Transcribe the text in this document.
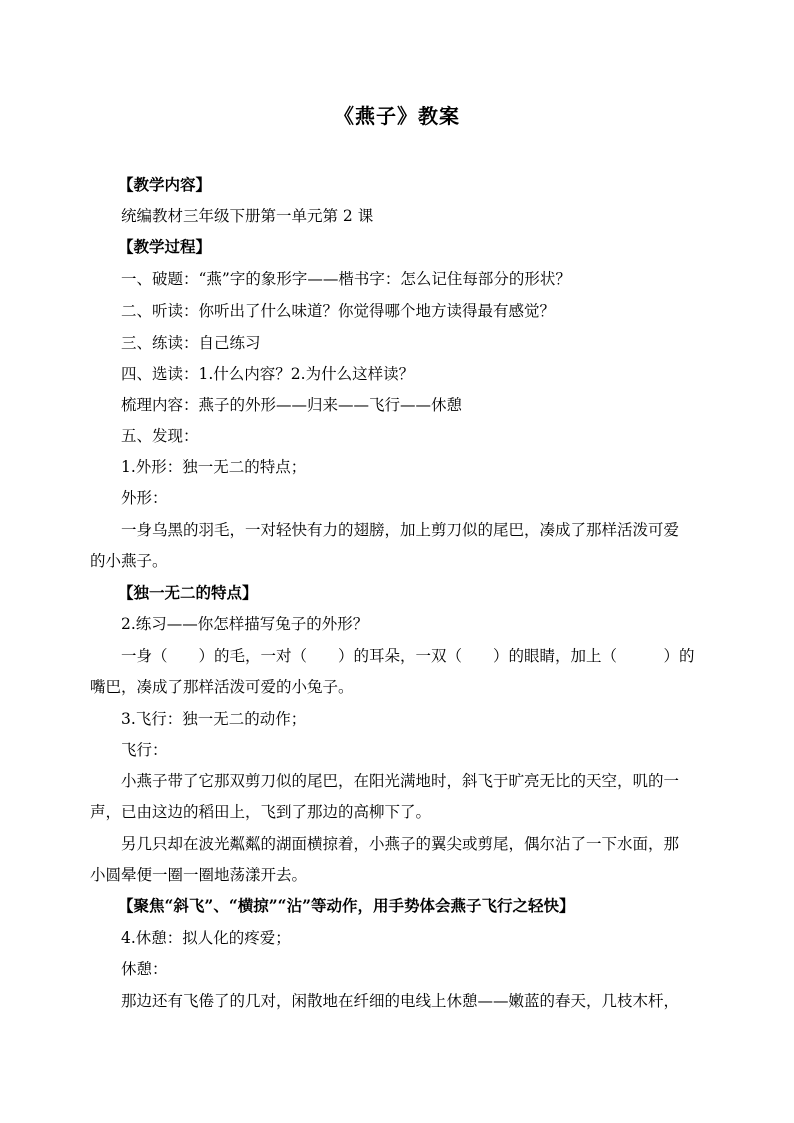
《燕子》教案
【教学内容】
统编教材三年级下册第一单元第 2 课
【教学过程】
一、破题：“燕”字的象形字——楷书字：怎么记住每部分的形状？
二、听读：你听出了什么味道？你觉得哪个地方读得最有感觉？
三、练读：自己练习
四、选读：1.什么内容？2.为什么这样读？
梳理内容：燕子的外形——归来——飞行——休憩
五、发现：
1.外形：独一无二的特点；
外形：
一身乌黑的羽毛，一对轻快有力的翅膀，加上剪刀似的尾巴，凑成了那样活泼可爱
的小燕子。
【独一无二的特点】
2.练习——你怎样描写兔子的外形？
一身（　　）的毛，一对（　　）的耳朵，一双（　　）的眼睛，加上（　　　）的
嘴巴，凑成了那样活泼可爱的小兔子。
3.飞行：独一无二的动作；
飞行：
小燕子带了它那双剪刀似的尾巴，在阳光满地时，斜飞于旷亮无比的天空，叽的一
声，已由这边的稻田上，飞到了那边的高柳下了。
另几只却在波光粼粼的湖面横掠着，小燕子的翼尖或剪尾，偶尔沾了一下水面，那
小圆晕便一圈一圈地荡漾开去。
【聚焦“斜飞”、“横掠”“沾”等动作，用手势体会燕子飞行之轻快】
4.休憩：拟人化的疼爱；
休憩：
那边还有飞倦了的几对，闲散地在纤细的电线上休憩——嫩蓝的春天，几枝木杆，
